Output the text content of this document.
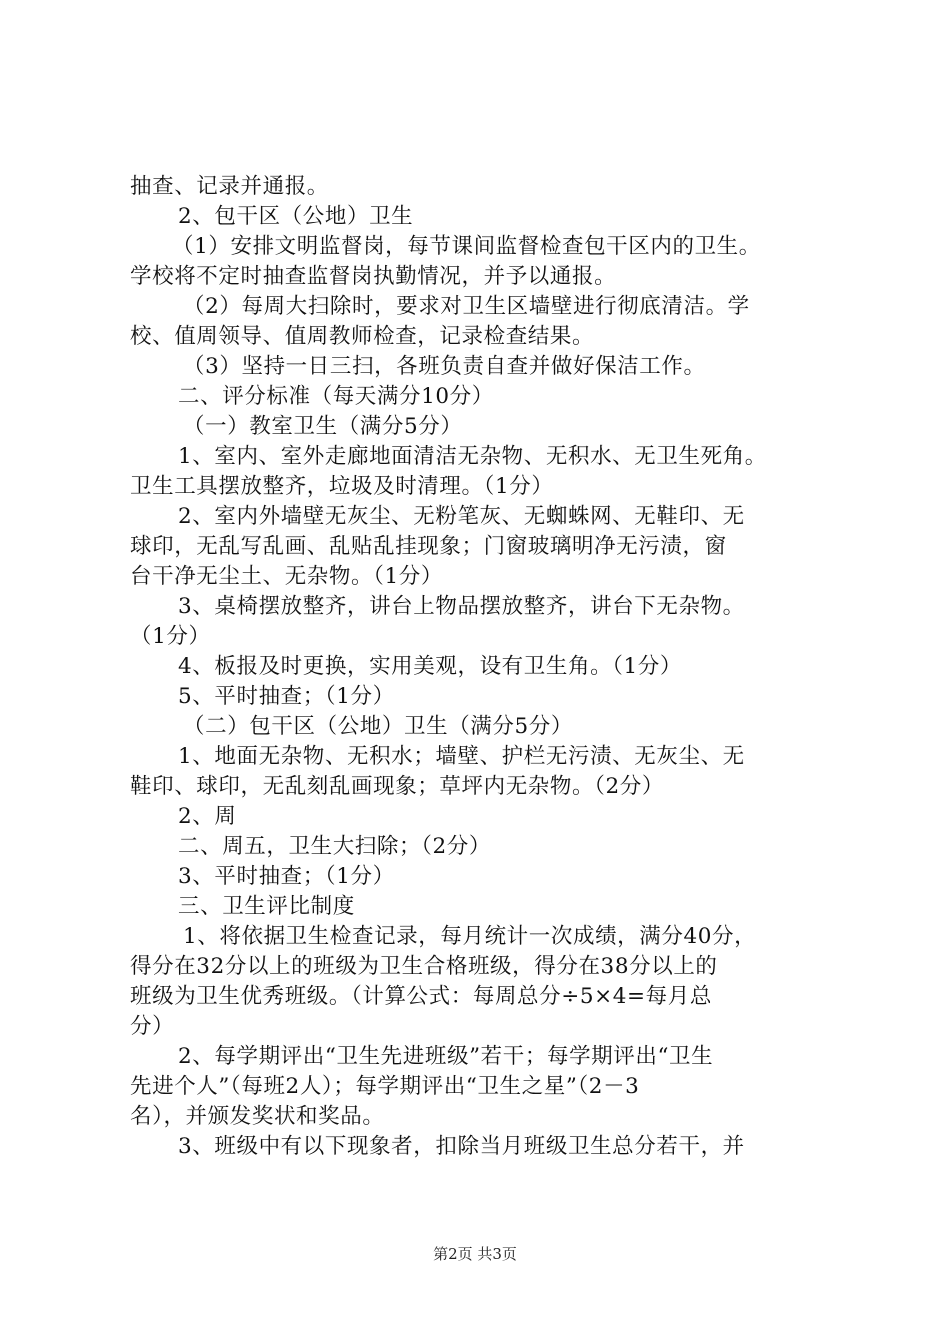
抽查、记录并通报。
2、包干区（公地）卫生
（1）安排文明监督岗，每节课间监督检查包干区内的卫生。
学校将不定时抽查监督岗执勤情况，并予以通报。
（2）每周大扫除时，要求对卫生区墙壁进行彻底清洁。学
校、值周领导、值周教师检查，记录检查结果。
（3）坚持一日三扫，各班负责自查并做好保洁工作。
二、评分标准（每天满分10分）
（一）教室卫生（满分5分）
1、室内、室外走廊地面清洁无杂物、无积水、无卫生死角。
卫生工具摆放整齐，垃圾及时清理。（1分）
2、室内外墙壁无灰尘、无粉笔灰、无蜘蛛网、无鞋印、无
球印，无乱写乱画、乱贴乱挂现象；门窗玻璃明净无污渍，窗
台干净无尘土、无杂物。（1分）
3、桌椅摆放整齐，讲台上物品摆放整齐，讲台下无杂物。
（1分）
4、板报及时更换，实用美观，设有卫生角。（1分）
5、平时抽查；（1分）
（二）包干区（公地）卫生（满分5分）
1、地面无杂物、无积水；墙壁、护栏无污渍、无灰尘、无
鞋印、球印，无乱刻乱画现象；草坪内无杂物。（2分）
2、周
二、周五，卫生大扫除；（2分）
3、平时抽查；（1分）
三、卫生评比制度
1、将依据卫生检查记录，每月统计一次成绩，满分40分，
得分在32分以上的班级为卫生合格班级，得分在38分以上的
班级为卫生优秀班级。（计算公式：每周总分÷5×4=每月总
分）
2、每学期评出“卫生先进班级”若干；每学期评出“卫生
先进个人”（每班2人）；每学期评出“卫生之星”（2－3
名），并颁发奖状和奖品。
3、班级中有以下现象者，扣除当月班级卫生总分若干，并
第2页 共3页
